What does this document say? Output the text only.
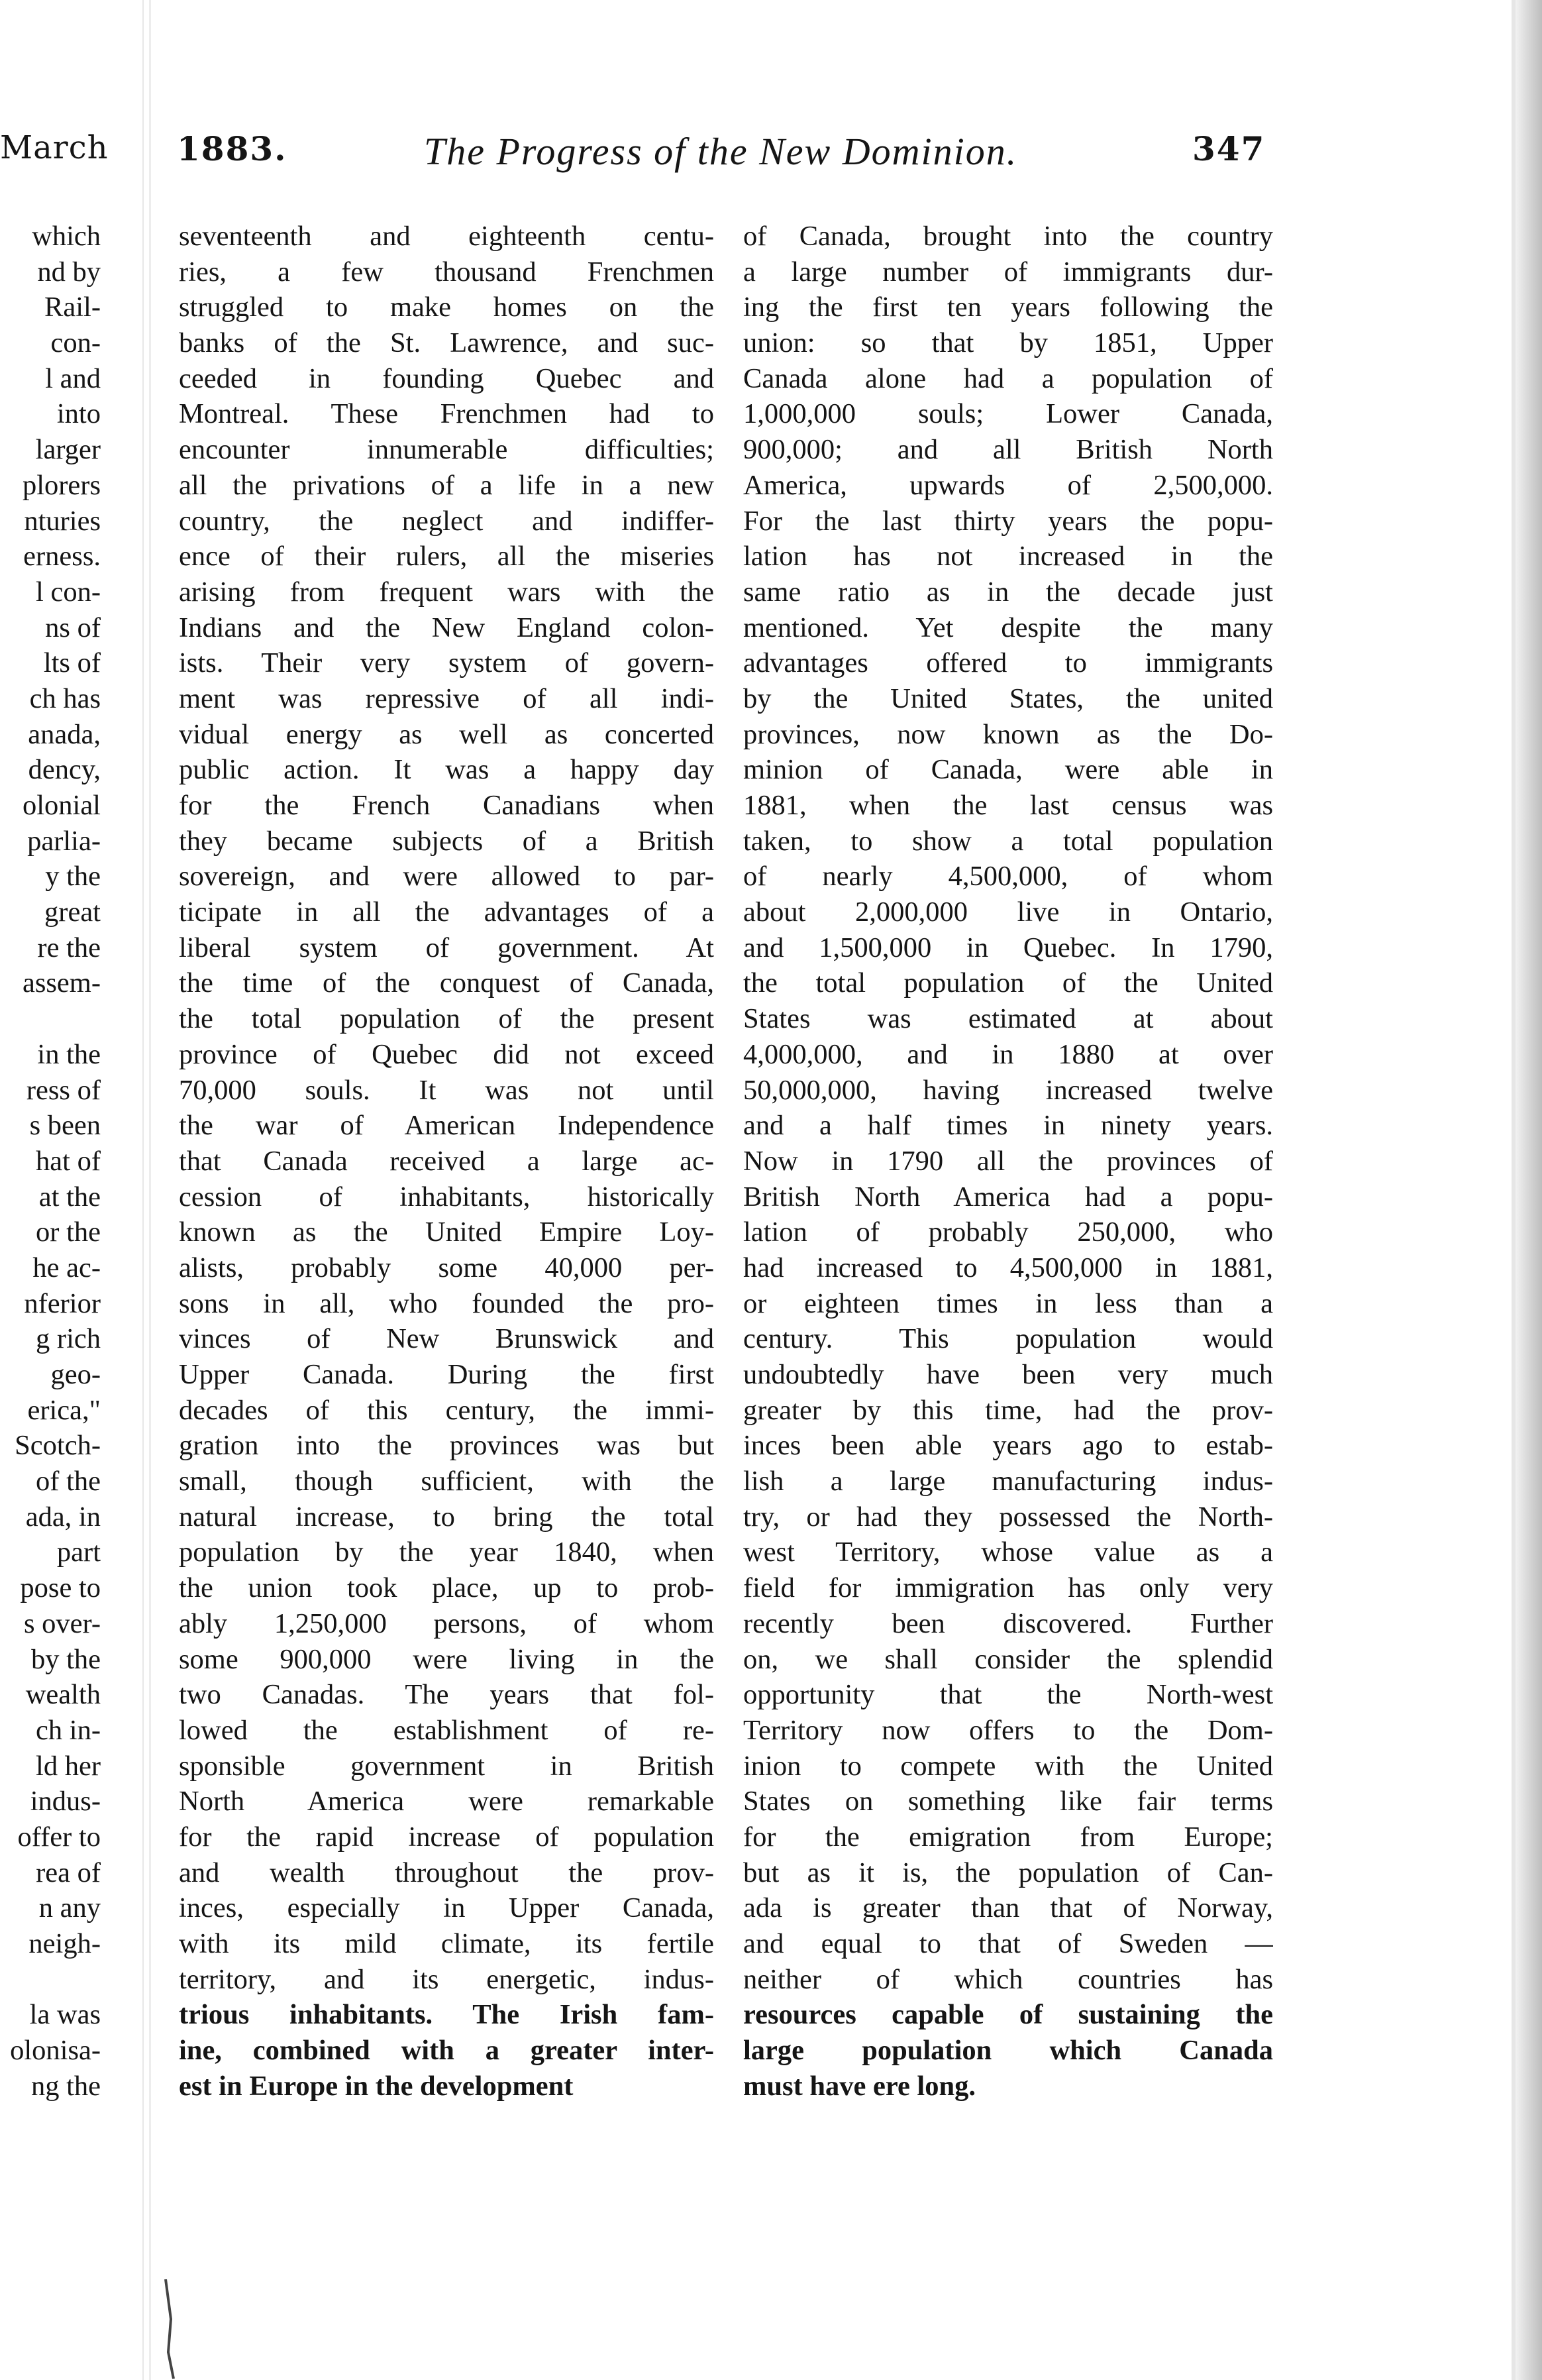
March 1883.	The Progress of the New Dominion.	347
which
nd by
Rail-
con-
l and
into
larger
plorers
nturies
erness.
l con-
ns of
lts of
ch has
anada,
dency,
olonial
parlia-
y the
great
re the
assem-
in the
ress of
s been
hat of
at the
or the
he ac-
nferior
g rich
geo-
erica,"
Scotch-
of the
ada, in
part
pose to
s over-
by the
wealth
ch in-
ld her
indus-
offer to
rea of
n any
neigh-
la was
olonisa-
ng the
seventeenth and eighteenth centu-
ries, a few thousand Frenchmen
struggled to make homes on the
banks of the St. Lawrence, and suc-
ceeded in founding Quebec and
Montreal. These Frenchmen had to
encounter innumerable difficulties;
all the privations of a life in a new
country, the neglect and indiffer-
ence of their rulers, all the miseries
arising from frequent wars with the
Indians and the New England colon-
ists. Their very system of govern-
ment was repressive of all indi-
vidual energy as well as concerted
public action. It was a happy day
for the French Canadians when
they became subjects of a British
sovereign, and were allowed to par-
ticipate in all the advantages of a
liberal system of government. At
the time of the conquest of Canada,
the total population of the present
province of Quebec did not exceed
70,000 souls. It was not until
the war of American Independence
that Canada received a large ac-
cession of inhabitants, historically
known as the United Empire Loy-
alists, probably some 40,000 per-
sons in all, who founded the pro-
vinces of New Brunswick and
Upper Canada. During the first
decades of this century, the immi-
gration into the provinces was but
small, though sufficient, with the
natural increase, to bring the total
population by the year 1840, when
the union took place, up to prob-
ably 1,250,000 persons, of whom
some 900,000 were living in the
two Canadas. The years that fol-
lowed the establishment of re-
sponsible government in British
North America were remarkable
for the rapid increase of population
and wealth throughout the prov-
inces, especially in Upper Canada,
with its mild climate, its fertile
territory, and its energetic, indus-
trious inhabitants. The Irish fam-
ine, combined with a greater inter-
est in Europe in the development
of Canada, brought into the country
a large number of immigrants dur-
ing the first ten years following the
union: so that by 1851, Upper
Canada alone had a population of
1,000,000 souls; Lower Canada,
900,000; and all British North
America, upwards of 2,500,000.
For the last thirty years the popu-
lation has not increased in the
same ratio as in the decade just
mentioned. Yet despite the many
advantages offered to immigrants
by the United States, the united
provinces, now known as the Do-
minion of Canada, were able in
1881, when the last census was
taken, to show a total population
of nearly 4,500,000, of whom
about 2,000,000 live in Ontario,
and 1,500,000 in Quebec. In 1790,
the total population of the United
States was estimated at about
4,000,000, and in 1880 at over
50,000,000, having increased twelve
and a half times in ninety years.
Now in 1790 all the provinces of
British North America had a popu-
lation of probably 250,000, who
had increased to 4,500,000 in 1881,
or eighteen times in less than a
century. This population would
undoubtedly have been very much
greater by this time, had the prov-
inces been able years ago to estab-
lish a large manufacturing indus-
try, or had they possessed the North-
west Territory, whose value as a
field for immigration has only very
recently been discovered. Further
on, we shall consider the splendid
opportunity that the North-west
Territory now offers to the Dom-
inion to compete with the United
States on something like fair terms
for the emigration from Europe;
but as it is, the population of Can-
ada is greater than that of Norway,
and equal to that of Sweden —
neither of which countries has
resources capable of sustaining the
large population which Canada
must have ere long.
